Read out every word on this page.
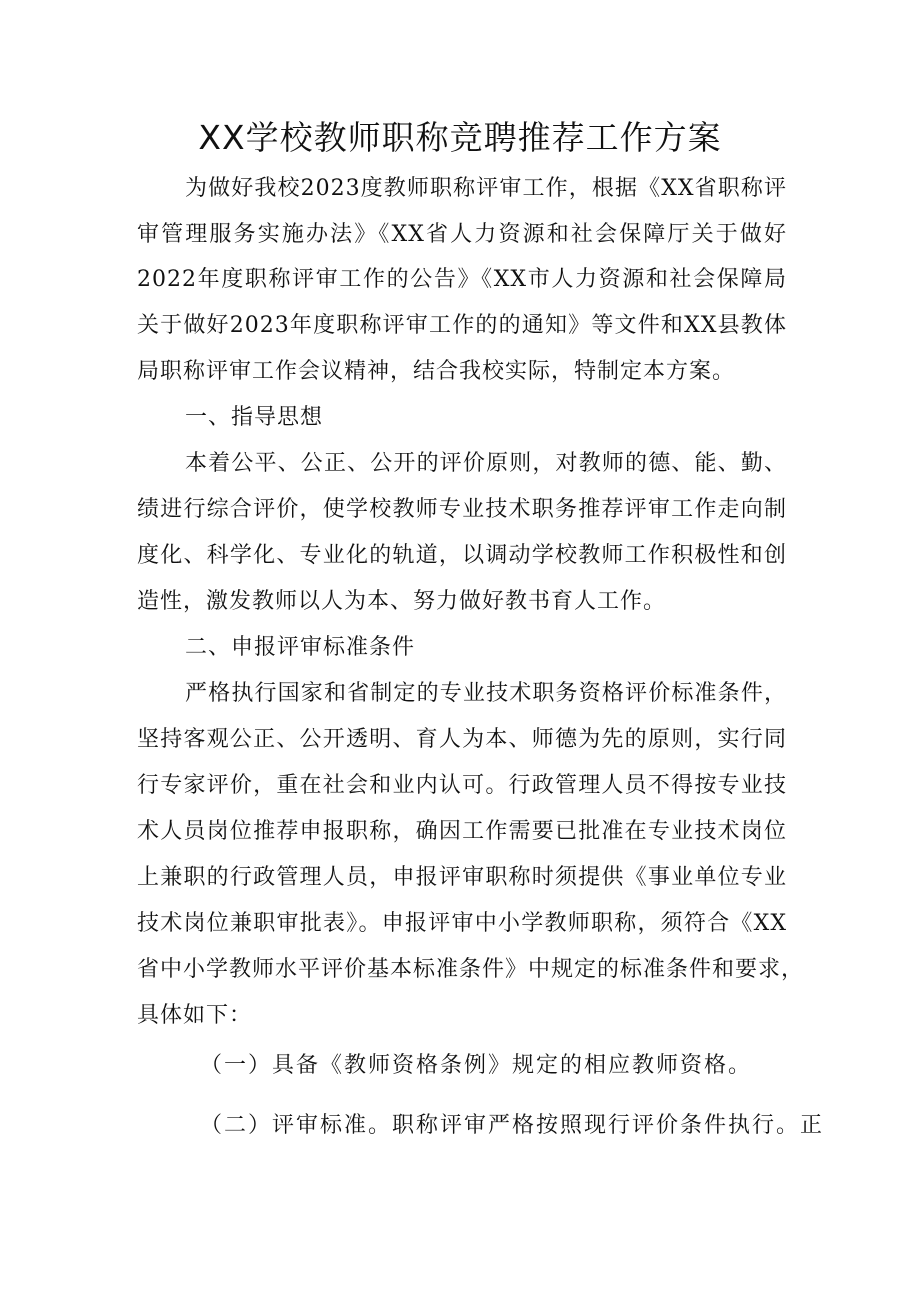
XX学校教师职称竞聘推荐工作方案
为做好我校2023度教师职称评审工作，根据《XX省职称评
审管理服务实施办法》《XX省人力资源和社会保障厅关于做好
2022年度职称评审工作的公告》《XX市人力资源和社会保障局
关于做好2023年度职称评审工作的的通知》等文件和XX县教体
局职称评审工作会议精神，结合我校实际，特制定本方案。
一、指导思想
本着公平、公正、公开的评价原则，对教师的德、能、勤、
绩进行综合评价，使学校教师专业技术职务推荐评审工作走向制
度化、科学化、专业化的轨道，以调动学校教师工作积极性和创
造性，激发教师以人为本、努力做好教书育人工作。
二、申报评审标准条件
严格执行国家和省制定的专业技术职务资格评价标准条件，
坚持客观公正、公开透明、育人为本、师德为先的原则，实行同
行专家评价，重在社会和业内认可。行政管理人员不得按专业技
术人员岗位推荐申报职称，确因工作需要已批准在专业技术岗位
上兼职的行政管理人员，申报评审职称时须提供《事业单位专业
技术岗位兼职审批表》。申报评审中小学教师职称，须符合《XX
省中小学教师水平评价基本标准条件》中规定的标准条件和要求，
具体如下：
（一）具备《教师资格条例》规定的相应教师资格。
（二）评审标准。职称评审严格按照现行评价条件执行。正
